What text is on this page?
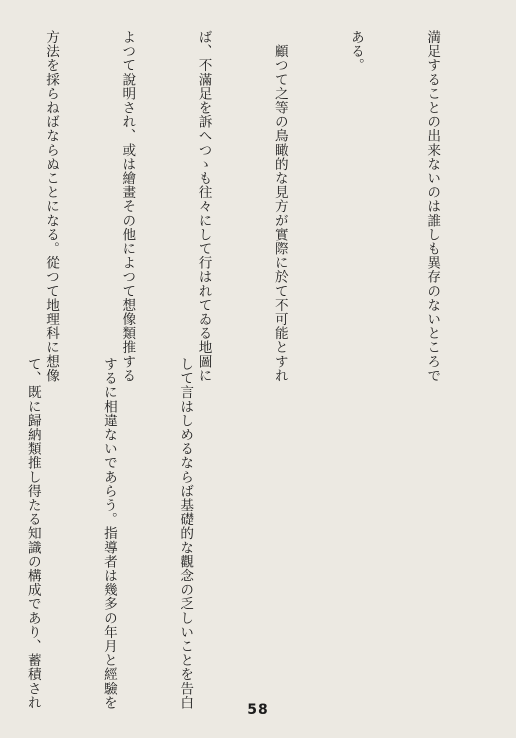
満足することの出来ないのは誰しも異存のないところで

ある。

　顧つて之等の鳥瞰的な見方が實際に於て不可能とすれ

ば、不滿足を訴へつゝも往々にして行はれてゐる地圖に

よつて說明され、或は繪畫その他によつて想像類推する

方法を採らねばならぬことになる。從つて地理科に想像

して言はしめるならば基礎的な觀念の乏しいことを告白

するに相違ないであらう。指導者は幾多の年月と經驗を

て、既に歸納類推し得たる知識の構成であり、蓄積され

58
